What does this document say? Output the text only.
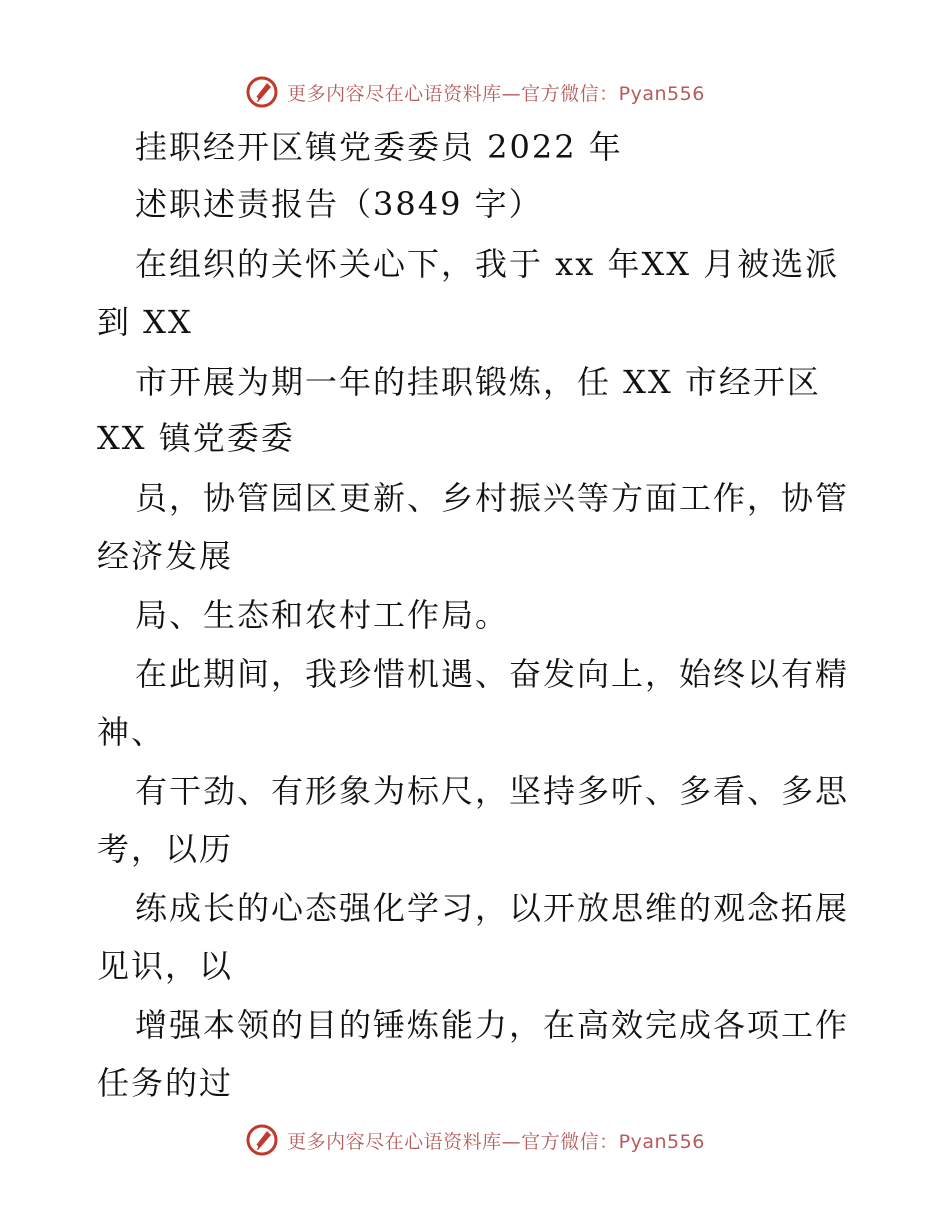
更多内容尽在心语资料库—官方微信：Pyan556
挂职经开区镇党委委员 2022 年
述职述责报告（3849 字）
在组织的关怀关心下，我于 xx 年XX 月被选派
到 XX
市开展为期一年的挂职锻炼，任 XX 市经开区
XX 镇党委委
员，协管园区更新、乡村振兴等方面工作，协管
经济发展
局、生态和农村工作局。
在此期间，我珍惜机遇、奋发向上，始终以有精
神、
有干劲、有形象为标尺，坚持多听、多看、多思
考，以历
练成长的心态强化学习，以开放思维的观念拓展
见识，以
增强本领的目的锤炼能力，在高效完成各项工作
任务的过
更多内容尽在心语资料库—官方微信：Pyan556
